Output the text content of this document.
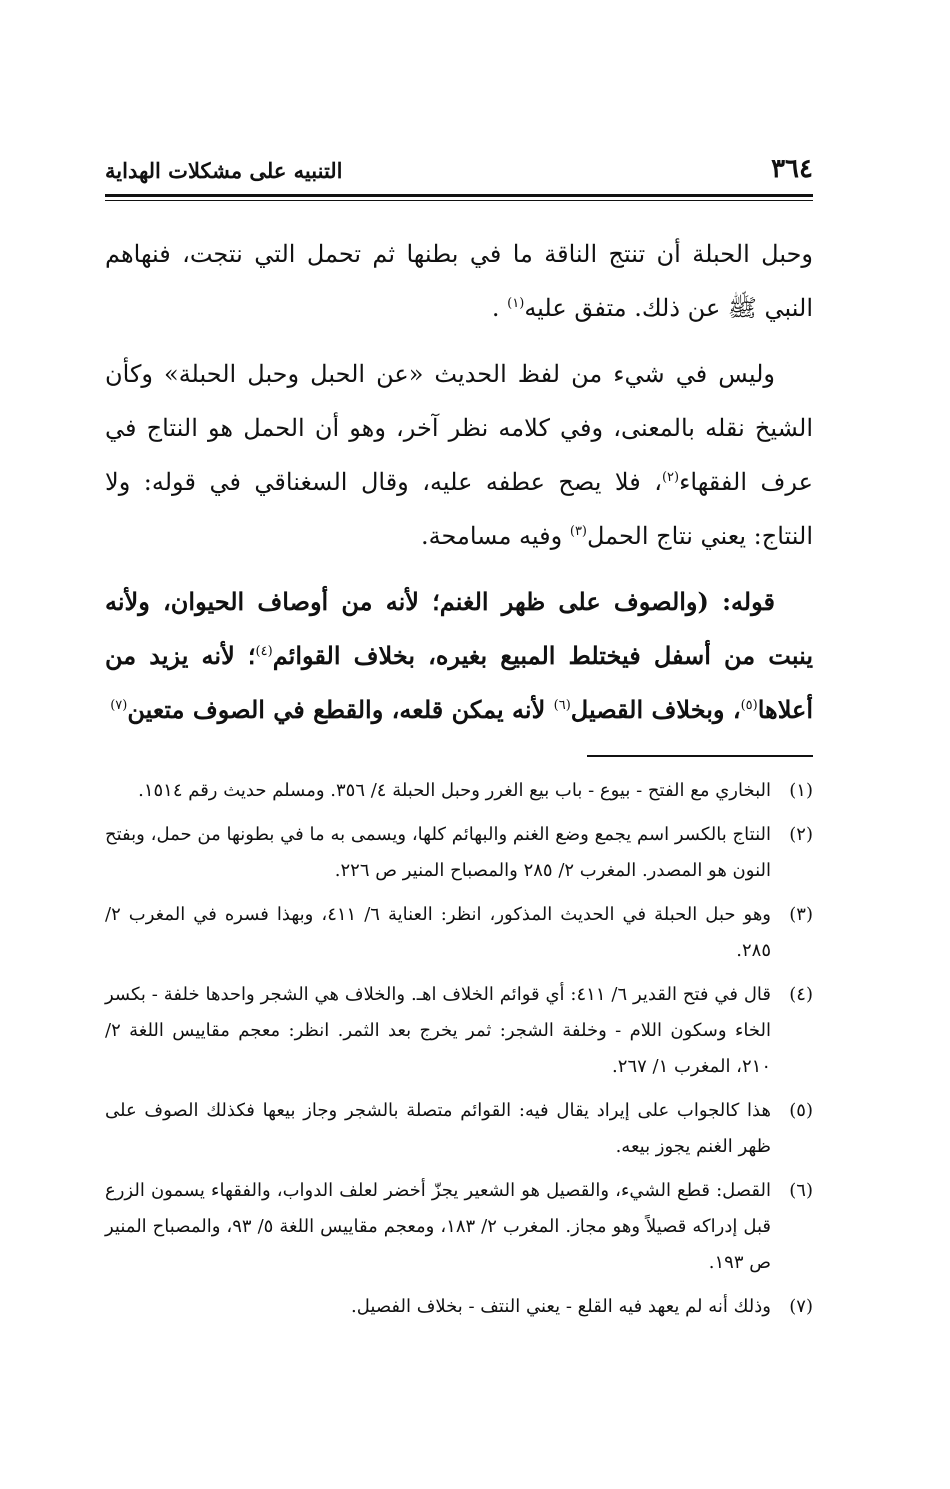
٣٦٤
التنبيه على مشكلات الهداية

وحبل الحبلة أن تنتج الناقة ما في بطنها ثم تحمل التي نتجت، فنهاهم النبي ﷺ عن ذلك. متفق عليه$^{(١)}$ .

وليس في شيء من لفظ الحديث «عن الحبل وحبل الحبلة» وكأن الشيخ نقله بالمعنى، وفي كلامه نظر آخر، وهو أن الحمل هو النتاج في عرف الفقهاء$^{(٢)}$، فلا يصح عطفه عليه، وقال السغناقي في قوله: ولا النتاج: يعني نتاج الحمل$^{(٣)}$ وفيه مسامحة.

قوله: (والصوف على ظهر الغنم؛ لأنه من أوصاف الحيوان، ولأنه ينبت من أسفل فيختلط المبيع بغيره، بخلاف القوائم$^{(٤)}$؛ لأنه يزيد من أعلاها$^{(٥)}$، وبخلاف القصيل$^{(٦)}$ لأنه يمكن قلعه، والقطع في الصوف متعين$^{(٧)}$

(١)
البخاري مع الفتح - بيوع - باب بيع الغرر وحبل الحبلة ٤/ ٣٥٦. ومسلم حديث رقم ١٥١٤.
(٢)
النتاج بالكسر اسم يجمع وضع الغنم والبهائم كلها، ويسمى به ما في بطونها من حمل، وبفتح النون هو المصدر. المغرب ٢/ ٢٨٥ والمصباح المنير ص ٢٢٦.
(٣)
وهو حبل الحبلة في الحديث المذكور، انظر: العناية ٦/ ٤١١، وبهذا فسره في المغرب ٢/ ٢٨٥.
(٤)
قال في فتح القدير ٦/ ٤١١: أي قوائم الخلاف اهـ. والخلاف هي الشجر واحدها خلفة - بكسر الخاء وسكون اللام - وخلفة الشجر: ثمر يخرج بعد الثمر. انظر: معجم مقاييس اللغة ٢/ ٢١٠، المغرب ١/ ٢٦٧.
(٥)
هذا كالجواب على إيراد يقال فيه: القوائم متصلة بالشجر وجاز بيعها فكذلك الصوف على ظهر الغنم يجوز بيعه.
(٦)
القصل: قطع الشيء، والقصيل هو الشعير يجزّ أخضر لعلف الدواب، والفقهاء يسمون الزرع قبل إدراكه قصيلاً وهو مجاز. المغرب ٢/ ١٨٣، ومعجم مقاييس اللغة ٥/ ٩٣، والمصباح المنير ص ١٩٣.
(٧)
وذلك أنه لم يعهد فيه القلع - يعني النتف - بخلاف الفصيل.
